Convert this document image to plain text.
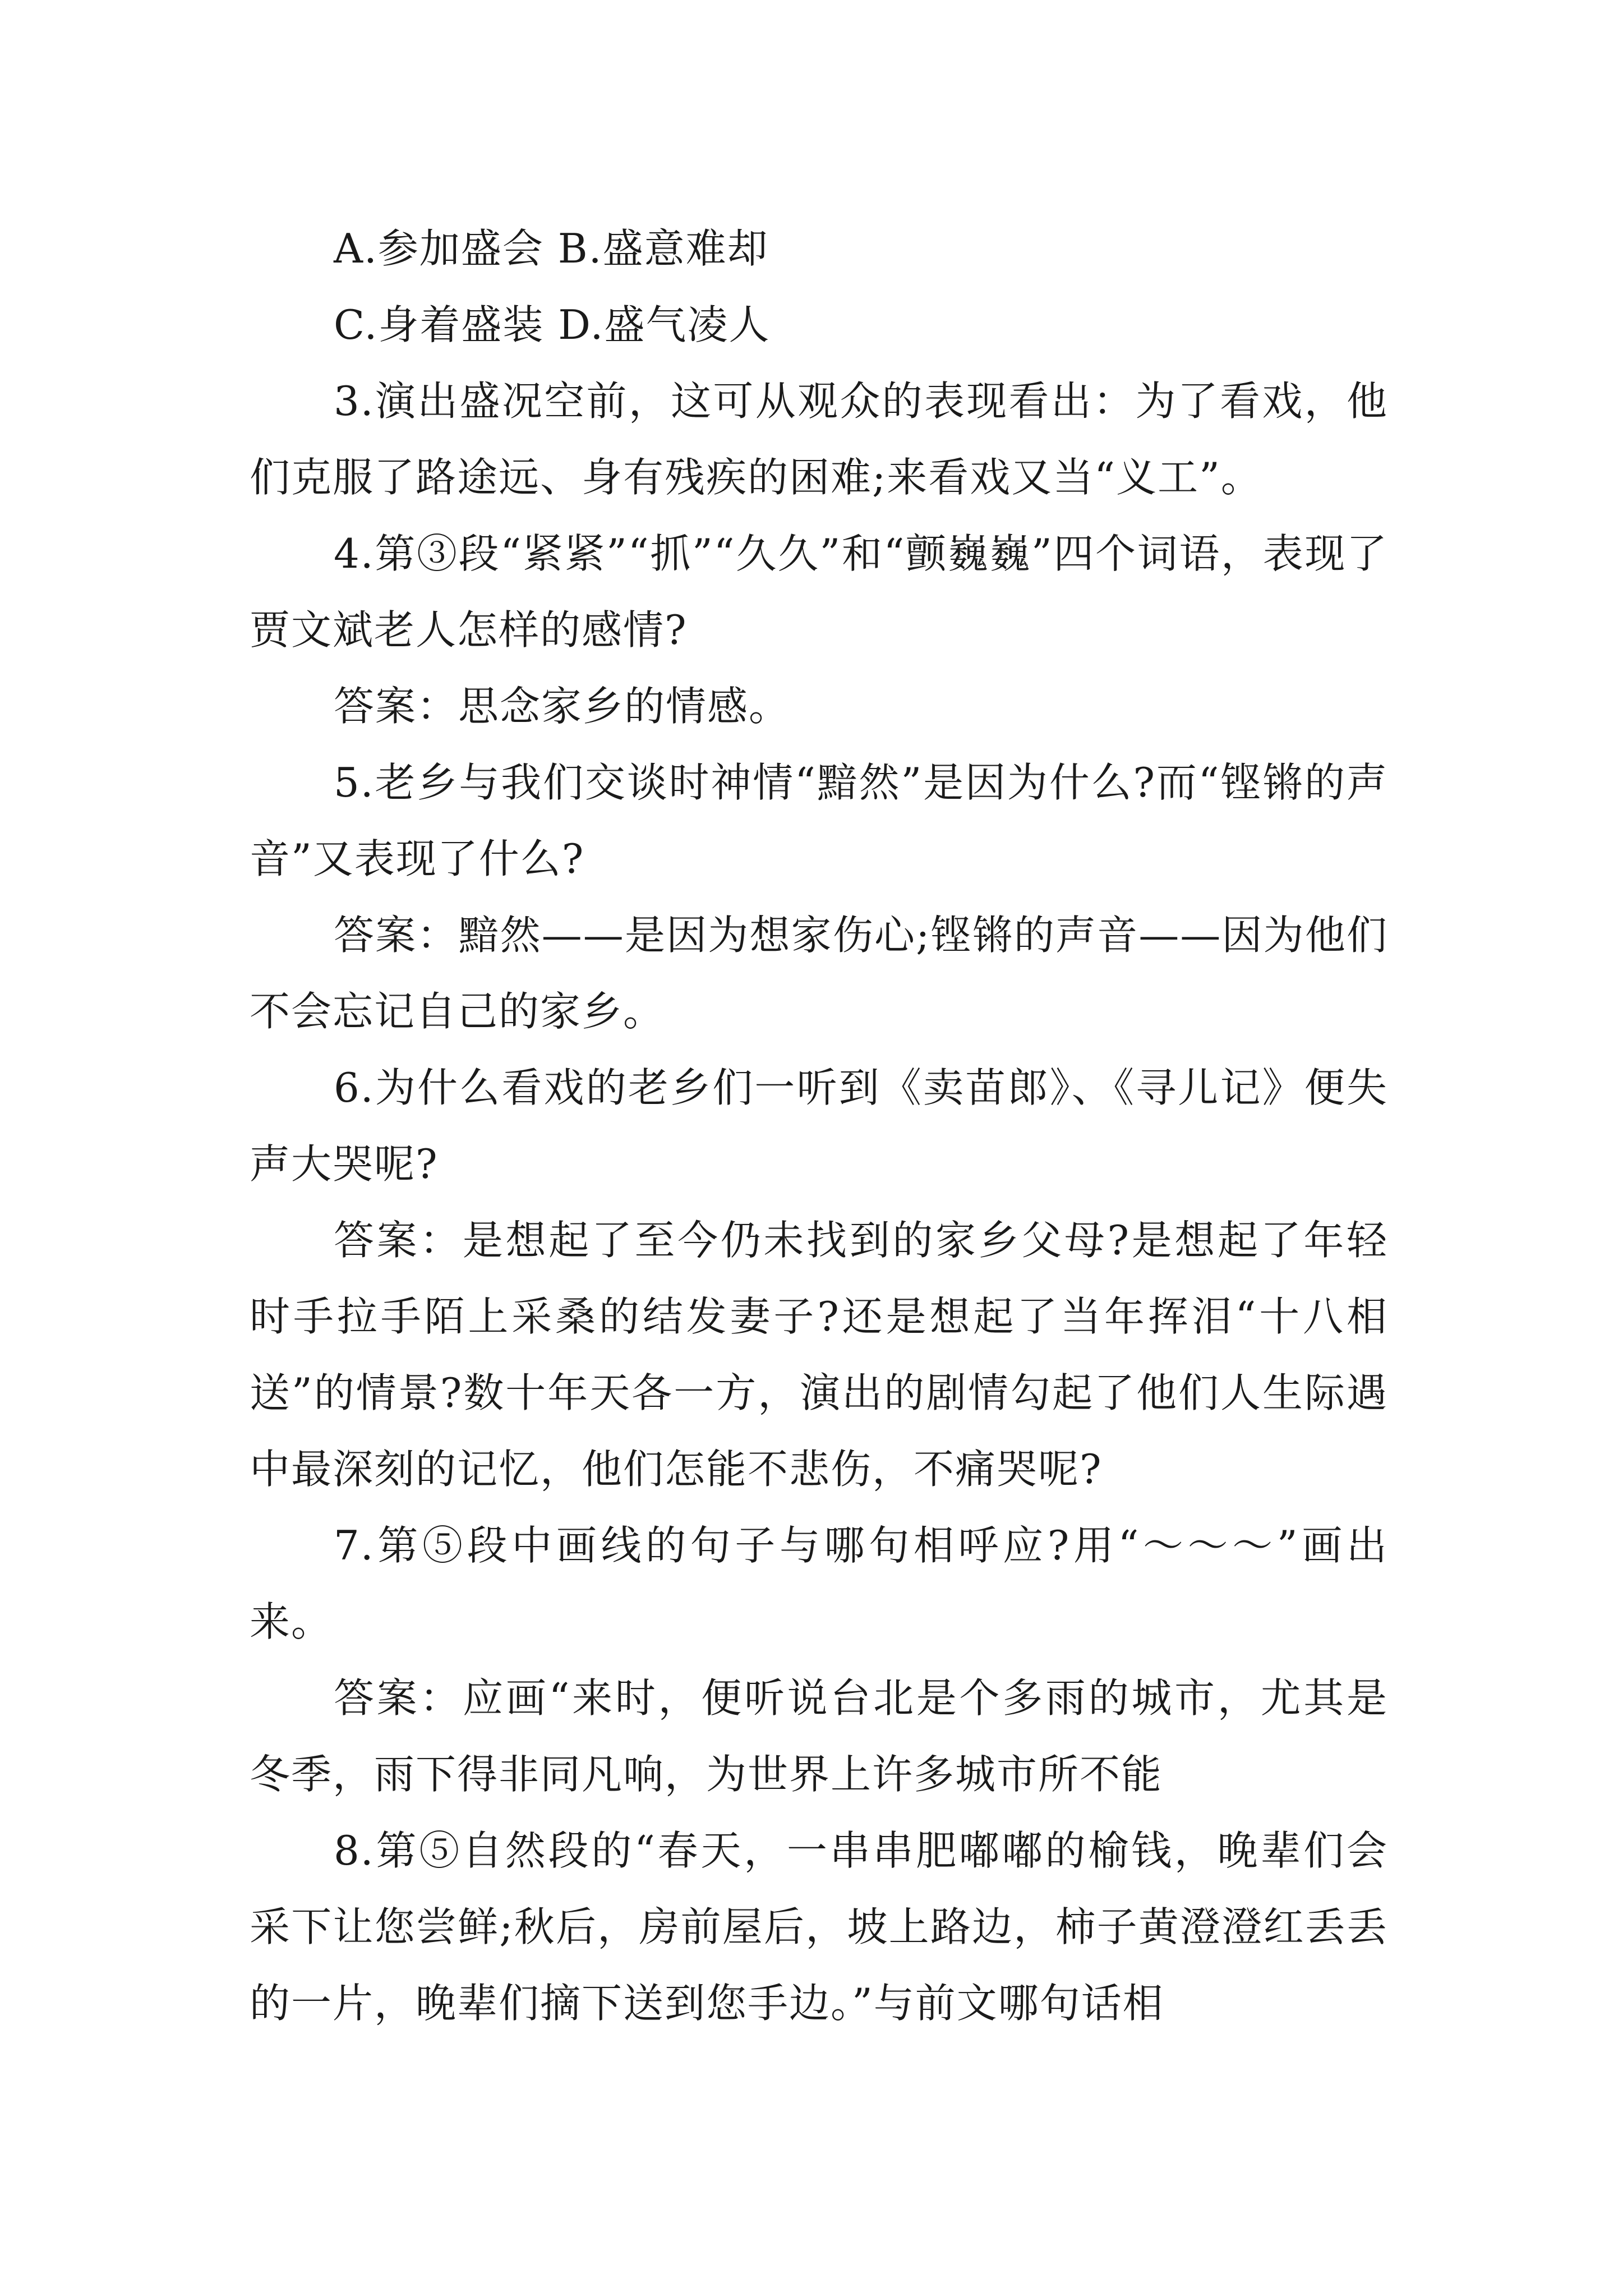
A.参加盛会 B.盛意难却

C.身着盛装 D.盛气凌人

3.演出盛况空前，这可从观众的表现看出：为了看戏，他们克服了路途远、身有残疾的困难;来看戏又当“义工”。

4.第③段“紧紧”“抓”“久久”和“颤巍巍”四个词语，表现了贾文斌老人怎样的感情?

答案：思念家乡的情感。

5.老乡与我们交谈时神情“黯然”是因为什么?而“铿锵的声音”又表现了什么?

答案：黯然——是因为想家伤心;铿锵的声音——因为他们不会忘记自己的家乡。

6.为什么看戏的老乡们一听到《卖苗郎》、《寻儿记》便失声大哭呢?

答案：是想起了至今仍未找到的家乡父母?是想起了年轻时手拉手陌上采桑的结发妻子?还是想起了当年挥泪“十八相送”的情景?数十年天各一方，演出的剧情勾起了他们人生际遇中最深刻的记忆，他们怎能不悲伤，不痛哭呢?

7.第⑤段中画线的句子与哪句相呼应?用“～～～”画出来。

答案：应画“来时，便听说台北是个多雨的城市，尤其是冬季，雨下得非同凡响，为世界上许多城市所不能

8.第⑤自然段的“春天，一串串肥嘟嘟的榆钱，晚辈们会采下让您尝鲜;秋后，房前屋后，坡上路边，柿子黄澄澄红丢丢的一片，晚辈们摘下送到您手边。”与前文哪句话相
